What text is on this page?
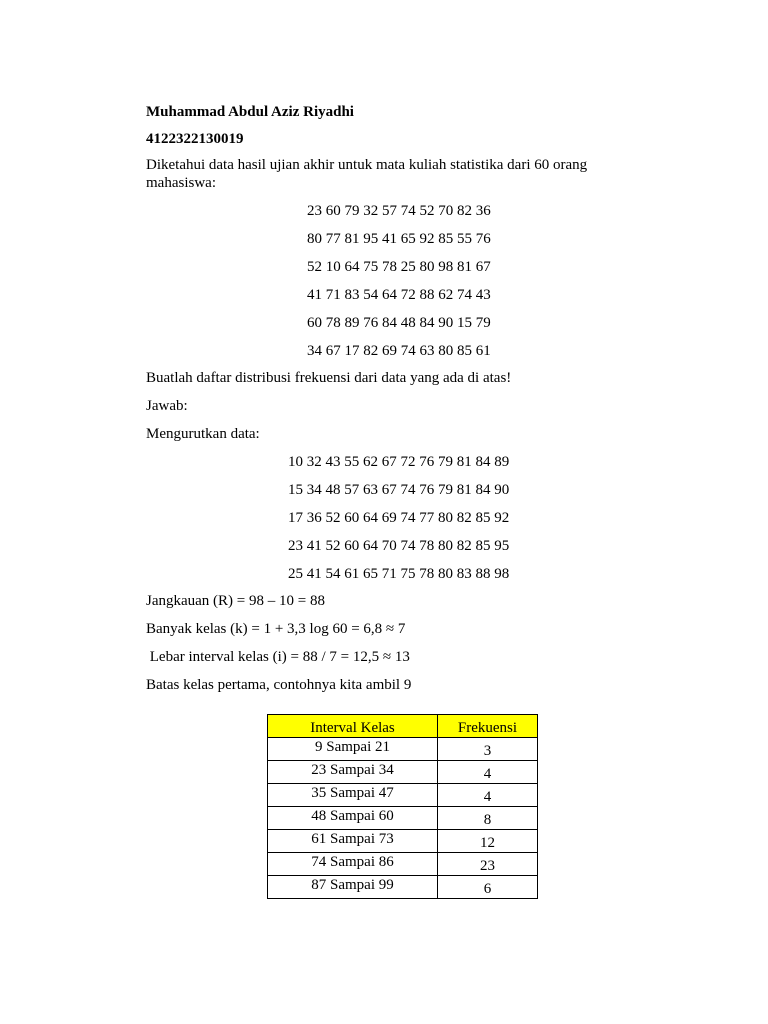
Muhammad Abdul Aziz Riyadhi
4122322130019
Diketahui data hasil ujian akhir untuk mata kuliah statistika dari 60 orang mahasiswa:
23 60 79 32 57 74 52 70 82 36
80 77 81 95 41 65 92 85 55 76
52 10 64 75 78 25 80 98 81 67
41 71 83 54 64 72 88 62 74 43
60 78 89 76 84 48 84 90 15 79
34 67 17 82 69 74 63 80 85 61
Buatlah daftar distribusi frekuensi dari data yang ada di atas!
Jawab:
Mengurutkan data:
10 32 43 55 62 67 72 76 79 81 84 89
15 34 48 57 63 67 74 76 79 81 84 90
17 36 52 60 64 69 74 77 80 82 85 92
23 41 52 60 64 70 74 78 80 82 85 95
25 41 54 61 65 71 75 78 80 83 88 98
Jangkauan (R) = 98 – 10 = 88
Banyak kelas (k) = 1 + 3,3 log 60 = 6,8 ≈ 7
Lebar interval kelas (i) = 88 / 7 = 12,5 ≈ 13
Batas kelas pertama, contohnya kita ambil 9
Interval Kelas	Frekuensi
9 Sampai 21	3
23 Sampai 34	4
35 Sampai 47	4
48 Sampai 60	8
61 Sampai 73	12
74 Sampai 86	23
87 Sampai 99	6
